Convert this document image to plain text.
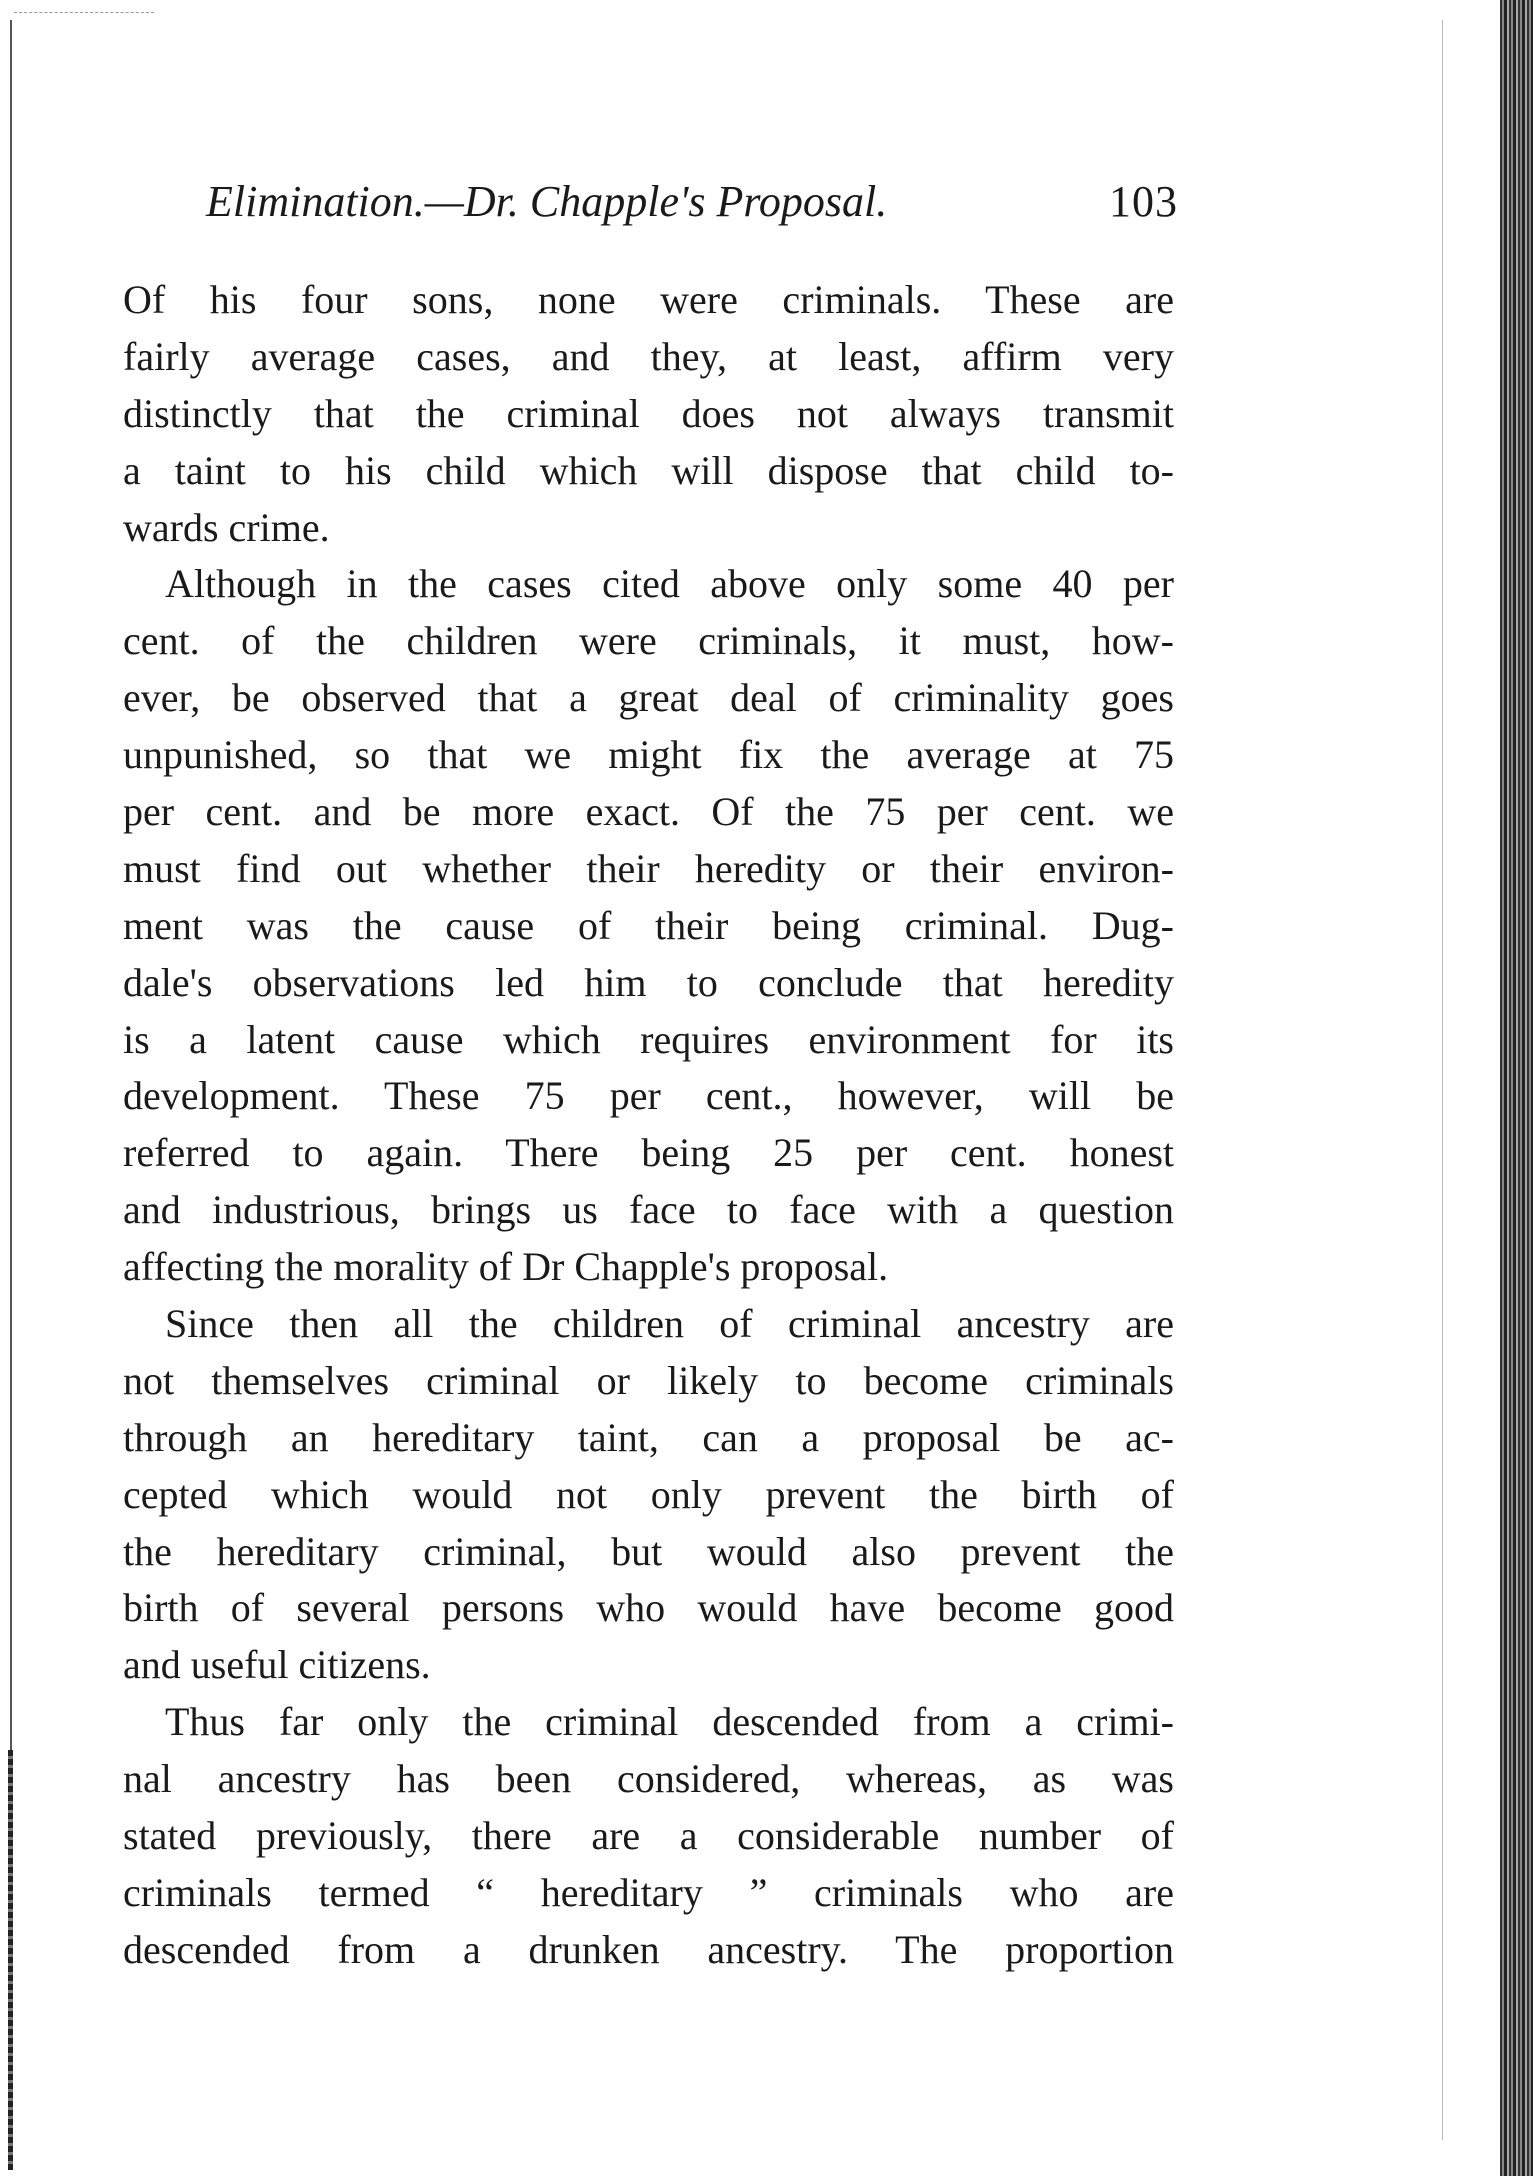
Elimination.—Dr. Chapple's Proposal.	103
Of his four sons, none were criminals. These are
fairly average cases, and they, at least, affirm very
distinctly that the criminal does not always transmit
a taint to his child which will dispose that child to-
wards crime.
Although in the cases cited above only some 40 per
cent. of the children were criminals, it must, how-
ever, be observed that a great deal of criminality goes
unpunished, so that we might fix the average at 75
per cent. and be more exact. Of the 75 per cent. we
must find out whether their heredity or their environ-
ment was the cause of their being criminal. Dug-
dale's observations led him to conclude that heredity
is a latent cause which requires environment for its
development. These 75 per cent., however, will be
referred to again. There being 25 per cent. honest
and industrious, brings us face to face with a question
affecting the morality of Dr Chapple's proposal.
Since then all the children of criminal ancestry are
not themselves criminal or likely to become criminals
through an hereditary taint, can a proposal be ac-
cepted which would not only prevent the birth of
the hereditary criminal, but would also prevent the
birth of several persons who would have become good
and useful citizens.
Thus far only the criminal descended from a crimi-
nal ancestry has been considered, whereas, as was
stated previously, there are a considerable number of
criminals termed “ hereditary ” criminals who are
descended from a drunken ancestry. The proportion
